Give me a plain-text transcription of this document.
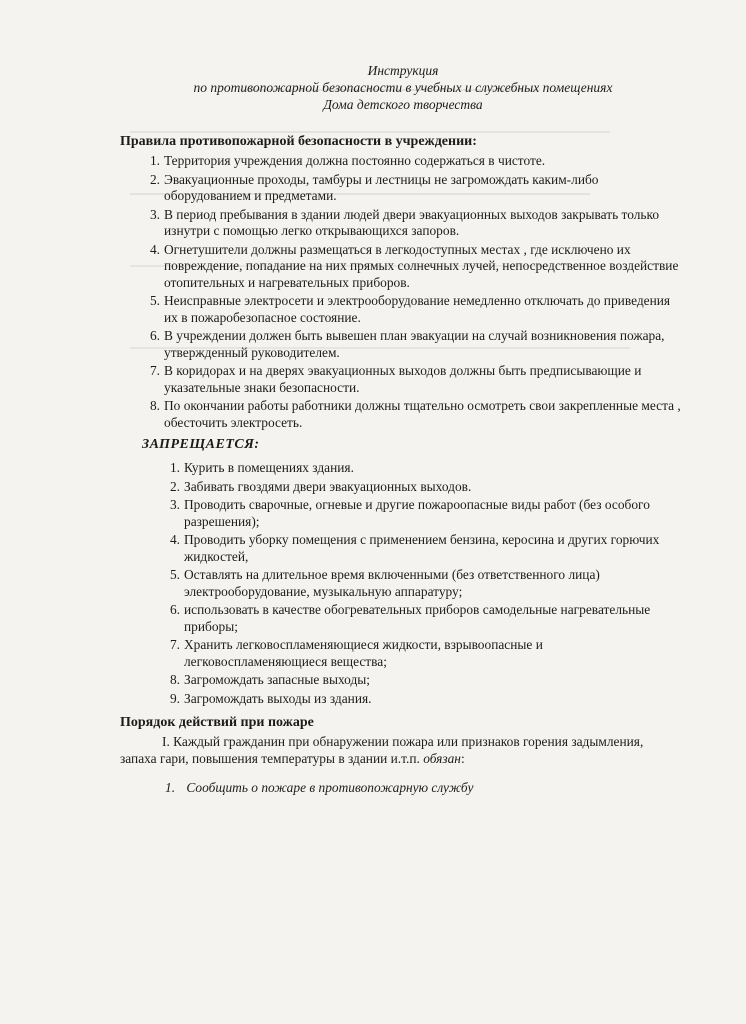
Инструкция
по противопожарной безопасности в учебных и служебных помещениях
Дома детского творчества
Правила противопожарной безопасности в учреждении:
1. Территория учреждения должна постоянно содержаться в чистоте.
2. Эвакуационные проходы, тамбуры и лестницы не загромождать каким-либо оборудованием и предметами.
3. В период пребывания в здании людей двери эвакуационных выходов закрывать только изнутри с помощью легко открывающихся запоров.
4. Огнетушители должны размещаться в легкодоступных местах , где исключено их повреждение, попадание на них прямых солнечных лучей, непосредственное воздействие отопительных и нагревательных приборов.
5. Неисправные электросети и электрооборудование немедленно отключать до приведения их в пожаробезопасное состояние.
6. В учреждении должен быть вывешен план эвакуации на случай возникновения пожара, утвержденный руководителем.
7. В коридорах и на дверях эвакуационных выходов должны быть предписывающие и указательные знаки безопасности.
8. По окончании работы работники должны тщательно осмотреть свои закрепленные места , обесточить электросеть.
ЗАПРЕЩАЕТСЯ:
1. Курить в помещениях здания.
2. Забивать гвоздями двери эвакуационных выходов.
3. Проводить сварочные, огневые и другие пожароопасные виды работ (без особого разрешения);
4. Проводить уборку помещения с применением бензина, керосина и других горючих жидкостей,
5. Оставлять на длительное время включенными (без ответственного лица) электрооборудование, музыкальную аппаратуру;
6. использовать в качестве обогревательных приборов самодельные нагревательные приборы;
7. Хранить легковоспламеняющиеся жидкости, взрывоопасные и легковоспламеняющиеся вещества;
8. Загромождать запасные выходы;
9. Загромождать выходы из здания.
Порядок действий при пожаре
I. Каждый гражданин при обнаружении пожара или признаков горения задымления, запаха гари, повышения температуры в здании и.т.п. обязан:
1. Сообщить о пожаре в противопожарную службу
